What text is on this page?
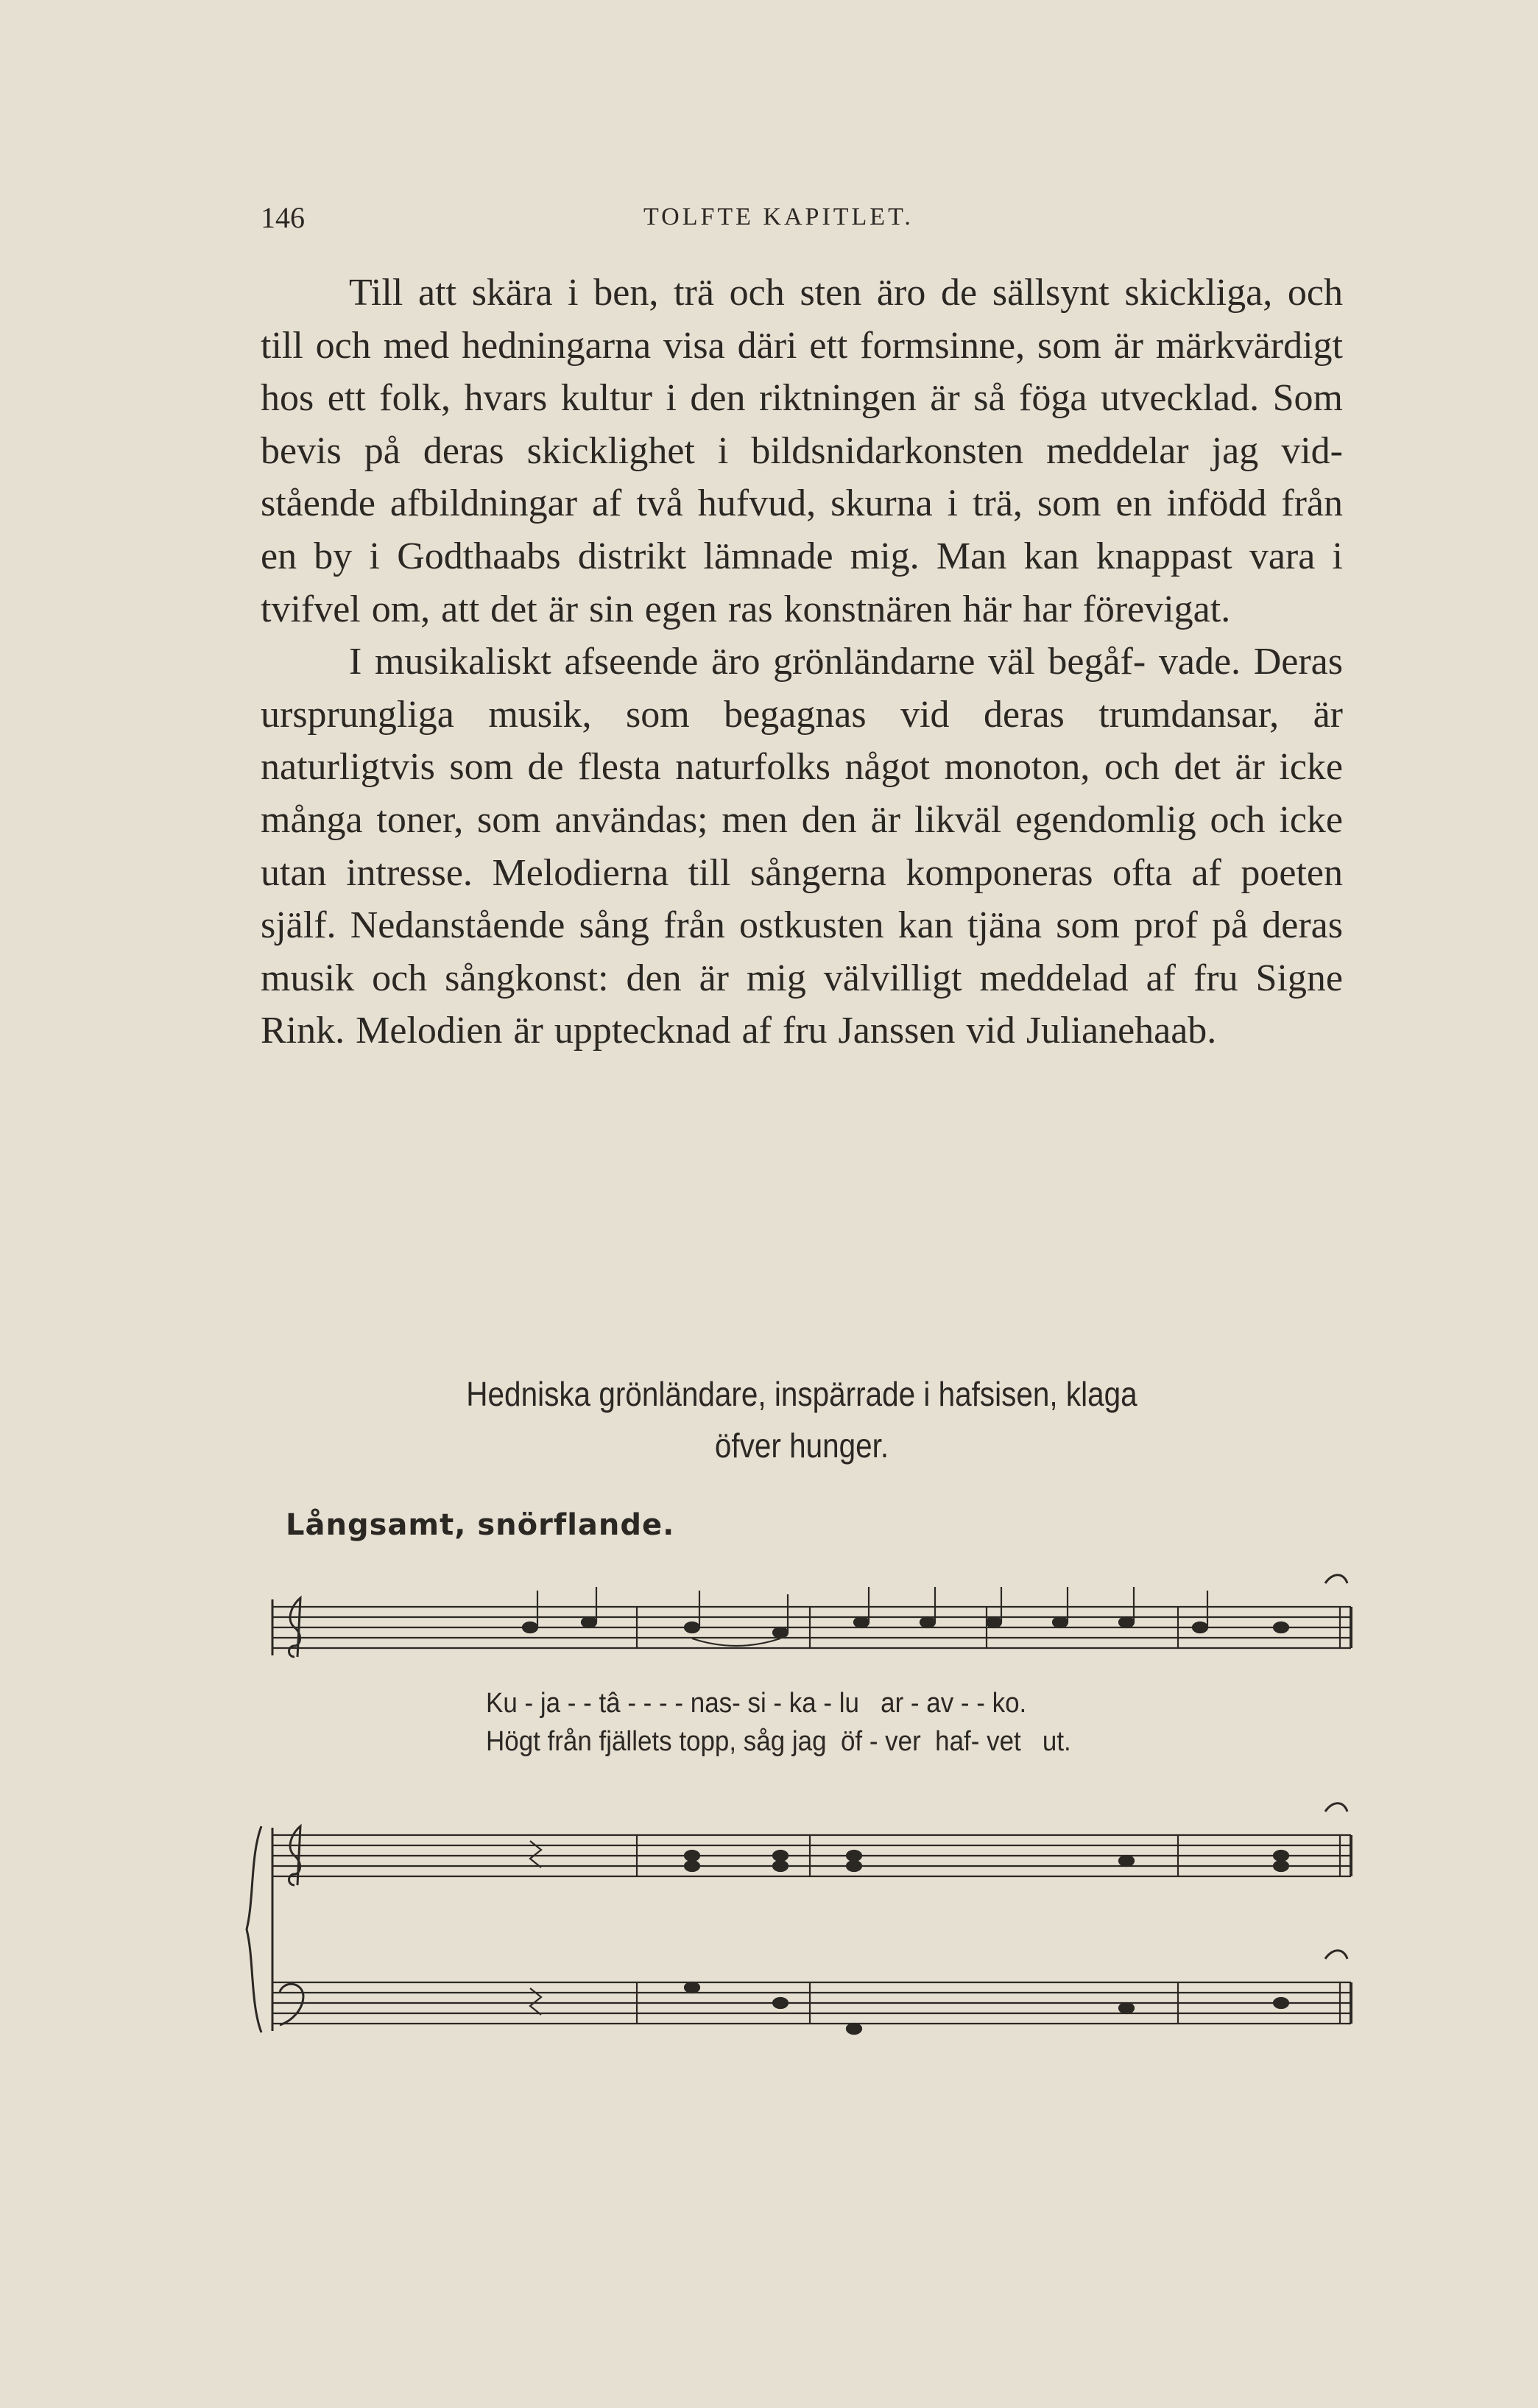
146	TOLFTE KAPITLET.

Till att skära i ben, trä och sten äro de sällsynt skickliga, och till och med hedningarna visa däri ett formsinne, som är märkvärdigt hos ett folk, hvars kultur i den riktningen är så föga utvecklad. Som bevis på deras skicklighet i bildsnidarkonsten meddelar jag vid- stående afbildningar af två hufvud, skurna i trä, som en infödd från en by i Godthaabs distrikt lämnade mig. Man kan knappast vara i tvifvel om, att det är sin egen ras konstnären här har förevigat.

I musikaliskt afseende äro grönländarne väl begåf- vade. Deras ursprungliga musik, som begagnas vid deras trumdansar, är naturligtvis som de flesta naturfolks något monoton, och det är icke många toner, som användas; men den är likväl egendomlig och icke utan intresse. Melodierna till sångerna komponeras ofta af poeten själf. Nedanstående sång från ostkusten kan tjäna som prof på deras musik och sångkonst: den är mig välvilligt meddelad af fru Signe Rink. Melodien är upptecknad af fru Janssen vid Julianehaab.

Hedniska grönländare, inspärrade i hafsisen, klaga
öfver hunger.
Långsamt, snörflande.
Ku - ja - - tâ - - - - nas- si - ka - lu   ar - av - - ko.
Högt från fjällets topp, såg jag  öf - ver  haf- vet   ut.
